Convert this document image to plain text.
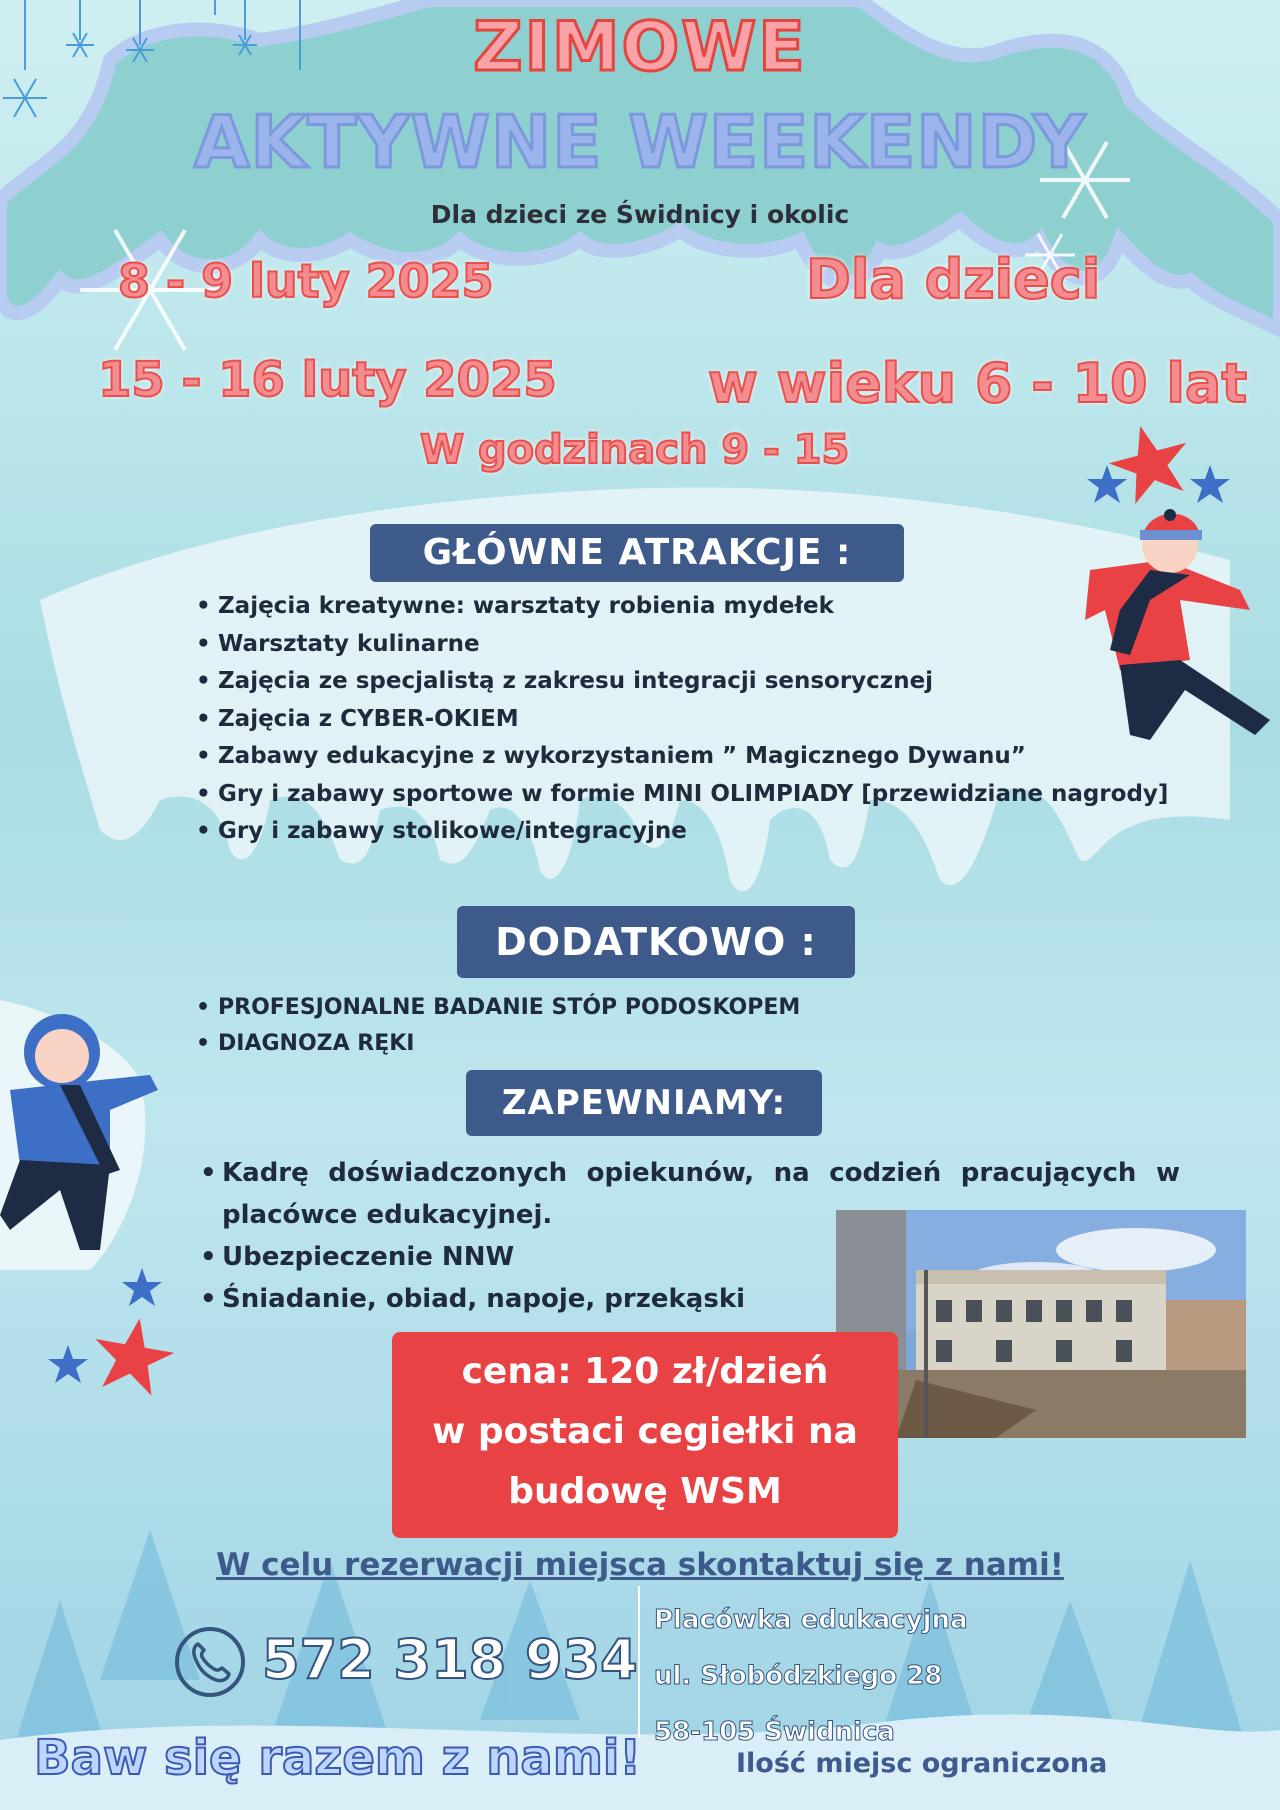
ZIMOWE
AKTYWNE WEEKENDY
Dla dzieci ze Świdnicy i okolic
8 - 9 luty 2025
15 - 16 luty 2025
Dla dzieci
w wieku 6 - 10 lat
W godzinach 9 - 15
GŁÓWNE ATRAKCJE :
• Zajęcia kreatywne: warsztaty robienia mydełek
• Warsztaty kulinarne
• Zajęcia ze specjalistą z zakresu integracji sensorycznej
• Zajęcia z CYBER-OKIEM
• Zabawy edukacyjne z wykorzystaniem ” Magicznego Dywanu”
• Gry i zabawy sportowe w formie MINI OLIMPIADY [przewidziane nagrody]
• Gry i zabawy stolikowe/integracyjne
DODATKOWO :
• PROFESJONALNE BADANIE STÓP PODOSKOPEM
• DIAGNOZA RĘKI
ZAPEWNIAMY:
• Kadrę doświadczonych opiekunów, na codzień pracujących w placówce edukacyjnej.
• Ubezpieczenie NNW
• Śniadanie, obiad, napoje, przekąski
cena: 120 zł/dzień
w postaci cegiełki na
budowę WSM
W celu rezerwacji miejsca skontaktuj się z nami!
572 318 934
Placówka edukacyjna
ul. Słobódzkiego 28
58-105 Świdnica
Baw się razem z nami!	Ilość miejsc ograniczona
